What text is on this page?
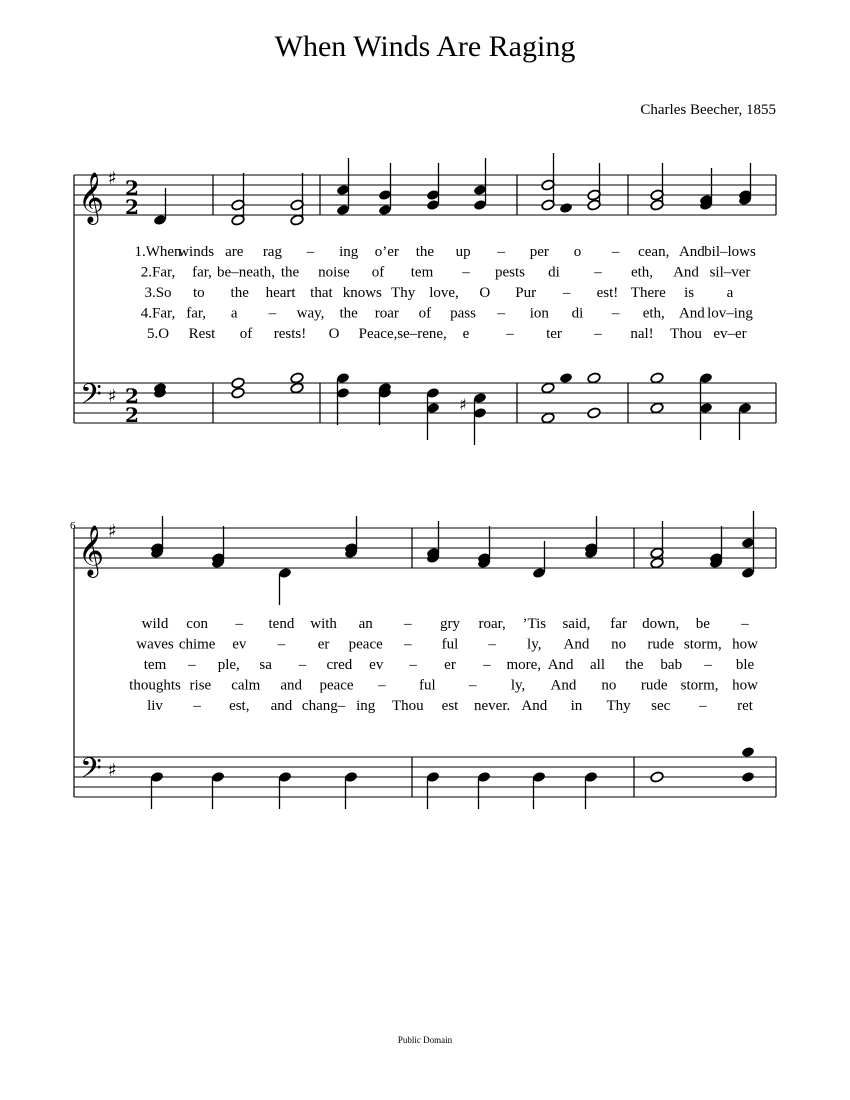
When Winds Are Raging
Charles Beecher, 1855
6
Public Domain
𝄞 ♯
𝄢 ♯
2
2
2
2	♯
𝄞 ♯
𝄢 ♯
1.When
winds are rag – ing o’er the up – per o – cean, And bil–lows
2.Far, far, be–neath, the noise of tem – pests di – eth, And sil–ver
3.So to the heart that knows Thy love, O Pur – est! There is a
4.Far, far, a – way, the roar of pass – ion di – eth, And lov–ing
5.O Rest of rests! O Peace, se–rene, e – ter – nal! Thou ev–er
wild con – tend with an – gry roar, ’Tis said, far down, be –
waves chime ev – er peace – ful – ly, And no rude storm, how
tem – ple, sa – cred ev – er – more, And all the bab – ble
thoughts rise calm and peace – ful – ly, And no rude storm, how
liv – est, and chang– ing Thou est never. And in Thy sec – ret
